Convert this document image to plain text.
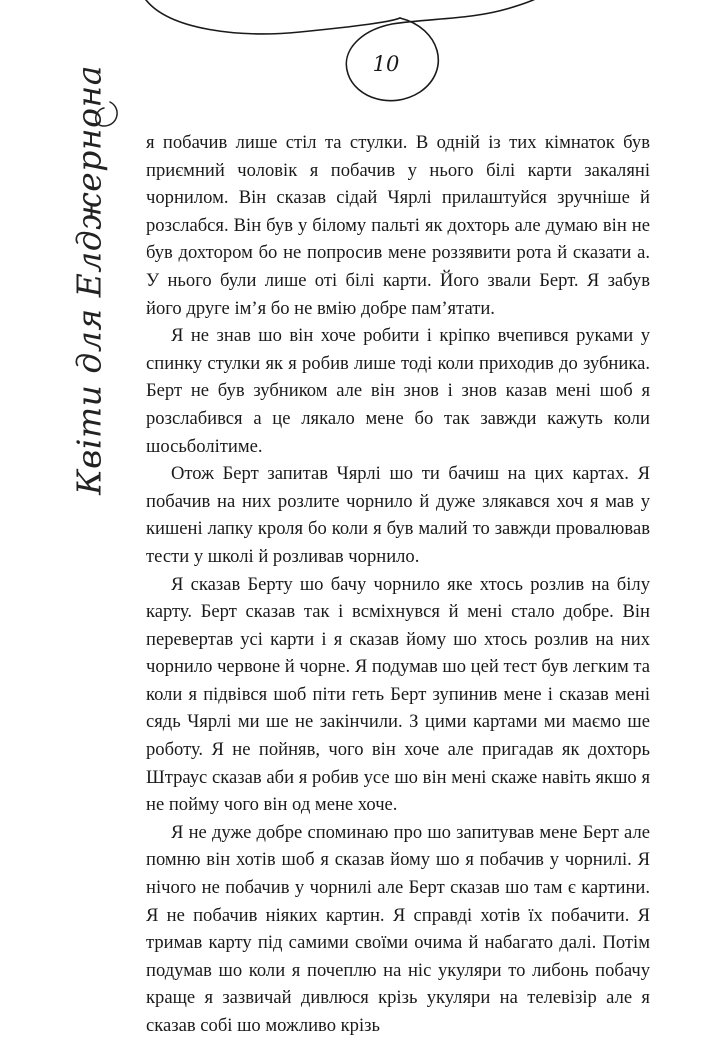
10
Квіти для Елджернона я побачив лише стіл та стулки. В одній із тих кімнаток був приємний чоловік я побачив у нього білі карти закаляні чорнилом. Він сказав сідай Чярлі прилаштуйся зручніше й розслабся. Він був у білому пальті як дохторь але думаю він не був дохтором бо не попросив мене роззявити рота й сказати а. У нього були лише оті білі карти. Його звали Берт. Я забув його друге імʼя бо не вмію добре памʼятати.

Я не знав шо він хоче робити і кріпко вчепився руками у спинку стулки як я робив лише тоді коли приходив до зубника. Берт не був зубником але він знов і знов казав мені шоб я розслабився а це лякало мене бо так завжди кажуть коли шосьболітиме.

Отож Берт запитав Чярлі шо ти бачиш на цих картах. Я побачив на них розлите чорнило й дуже злякався хоч я мав у кишені лапку кроля бо коли я був малий то завжди провалював тести у школі й розливав чорнило.

Я сказав Берту шо бачу чорнило яке хтось розлив на білу карту. Берт сказав так і всміхнувся й мені стало добре. Він перевертав усі карти і я сказав йому шо хтось розлив на них чорнило червоне й чорне. Я подумав шо цей тест був легким та коли я підвівся шоб піти геть Берт зупинив мене і сказав мені сядь Чярлі ми ше не закінчили. З цими картами ми маємо ше роботу. Я не пойняв, чого він хоче але пригадав як дохторь Штраус сказав аби я робив усе шо він мені скаже навіть якшо я не пойму чого він од мене хоче.

Я не дуже добре споминаю про шо запитував мене Берт але помню він хотів шоб я сказав йому шо я побачив у чорнилі. Я нічого не побачив у чорнилі але Берт сказав шо там є картини. Я не побачив ніяких картин. Я справді хотів їх побачити. Я тримав карту під самими своїми очима й набагато далі. Потім подумав шо коли я почеплю на ніс укуляри то либонь побачу краще я зазвичай дивлюся крізь укуляри на телевізір але я сказав собі шо можливо крізь
